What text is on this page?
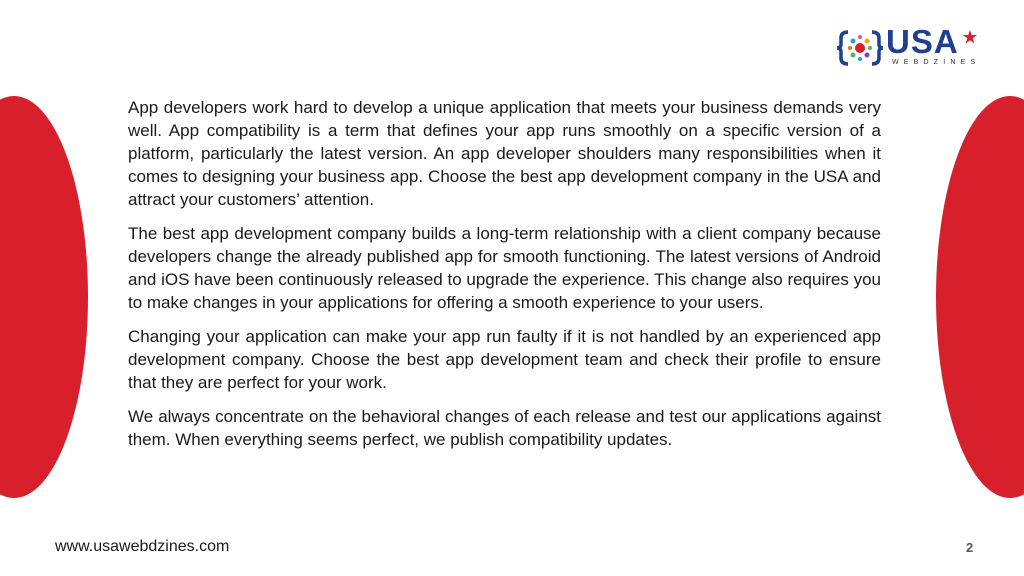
USA
WEBDZINES

App developers work hard to develop a unique application that meets your business demands very well. App compatibility is a term that defines your app runs smoothly on a specific version of a platform, particularly the latest version. An app developer shoulders many responsibilities when it comes to designing your business app. Choose the best app development company in the USA and attract your customers’ attention.

The best app development company builds a long-term relationship with a client company because developers change the already published app for smooth functioning. The latest versions of Android and iOS have been continuously released to upgrade the experience. This change also requires you to make changes in your applications for offering a smooth experience to your users.

Changing your application can make your app run faulty if it is not handled by an experienced app development company. Choose the best app development team and check their profile to ensure that they are perfect for your work.

We always concentrate on the behavioral changes of each release and test our applications against them. When everything seems perfect, we publish compatibility updates.

www.usawebdzines.com	2
